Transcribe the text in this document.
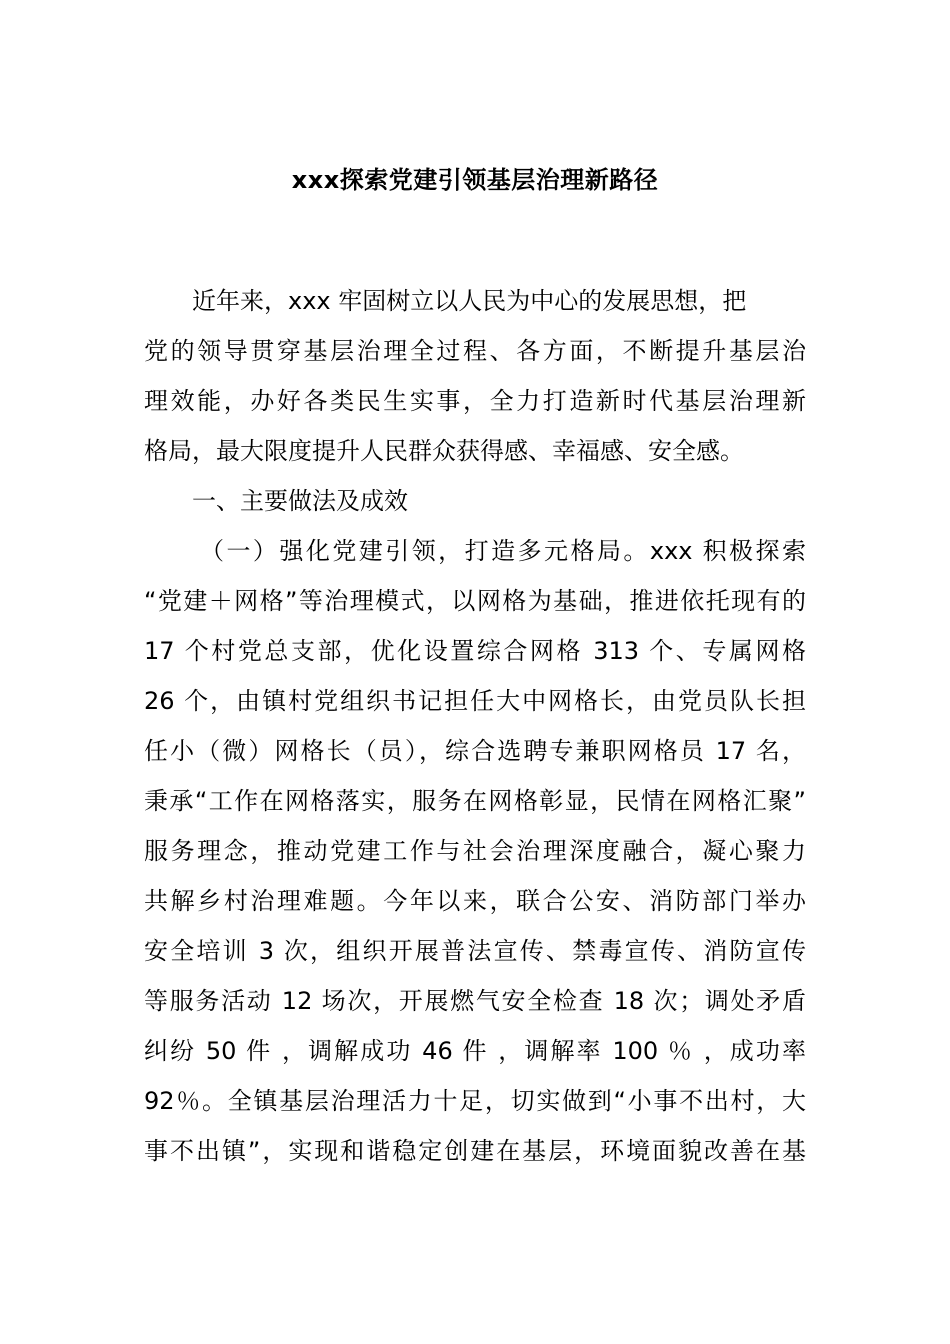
xxx探索党建引领基层治理新路径
近年来，xxx 牢固树立以人民为中心的发展思想，把
党的领导贯穿基层治理全过程、各方面，不断提升基层治
理效能，办好各类民生实事，全力打造新时代基层治理新
格局，最大限度提升人民群众获得感、幸福感、安全感。
一、主要做法及成效
（一）强化党建引领，打造多元格局。xxx 积极探索
“党建＋网格”等治理模式，以网格为基础，推进依托现有的
17 个村党总支部，优化设置综合网格 313 个、专属网格
26 个，由镇村党组织书记担任大中网格长，由党员队长担
任小（微）网格长（员），综合选聘专兼职网格员 17 名，
秉承“工作在网格落实，服务在网格彰显，民情在网格汇聚”
服务理念，推动党建工作与社会治理深度融合，凝心聚力
共解乡村治理难题。今年以来，联合公安、消防部门举办
安全培训 3 次，组织开展普法宣传、禁毒宣传、消防宣传
等服务活动 12 场次，开展燃气安全检查 18 次；调处矛盾
纠纷 50 件 ，调解成功 46 件 ，调解率 100 ％ ，成功率
92％。全镇基层治理活力十足，切实做到“小事不出村，大
事不出镇”，实现和谐稳定创建在基层，环境面貌改善在基
